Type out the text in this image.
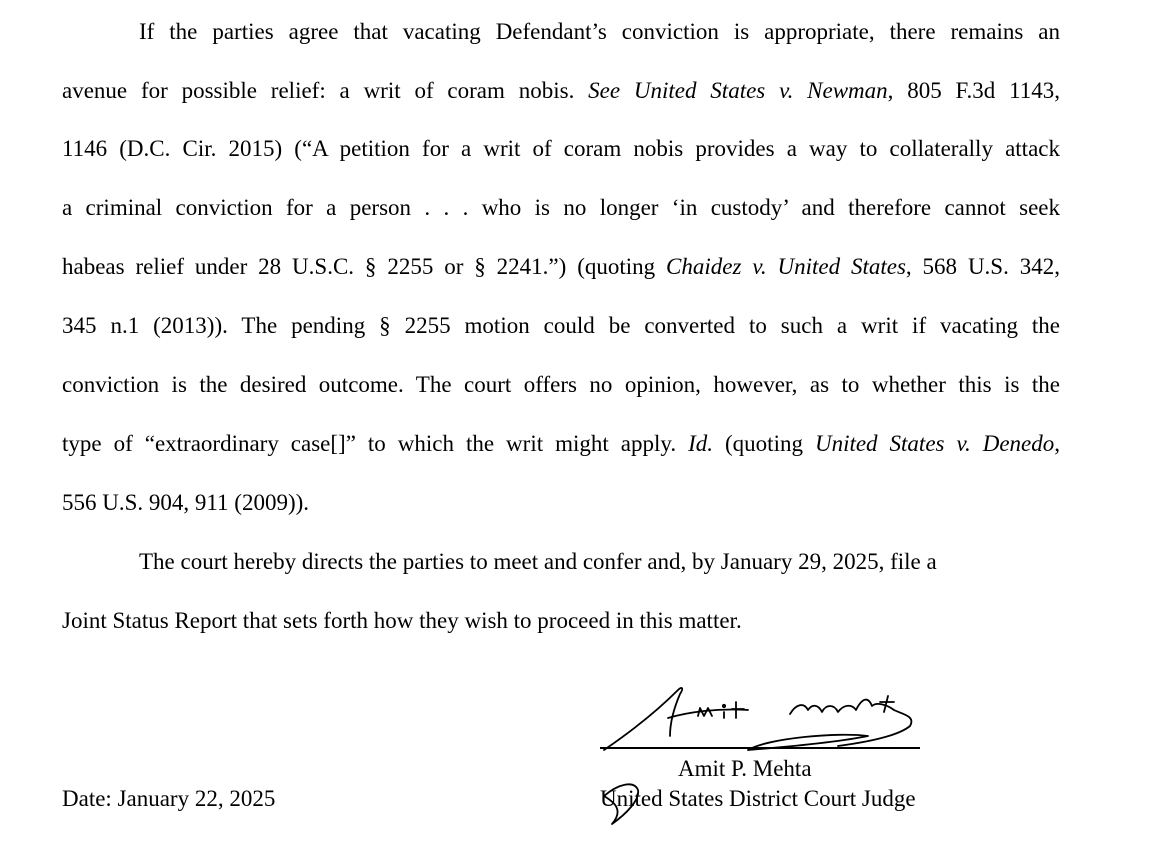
If the parties agree that vacating Defendant’s conviction is appropriate, there remains an
avenue for possible relief: a writ of coram nobis. See United States v. Newman, 805 F.3d 1143,
1146 (D.C. Cir. 2015) (“A petition for a writ of coram nobis provides a way to collaterally attack
a criminal conviction for a person . . . who is no longer ‘in custody’ and therefore cannot seek
habeas relief under 28 U.S.C. § 2255 or § 2241.”) (quoting Chaidez v. United States, 568 U.S. 342,
345 n.1 (2013)). The pending § 2255 motion could be converted to such a writ if vacating the
conviction is the desired outcome. The court offers no opinion, however, as to whether this is the
type of “extraordinary case[]” to which the writ might apply. Id. (quoting United States v. Denedo,
556 U.S. 904, 911 (2009)).
The court hereby directs the parties to meet and confer and, by January 29, 2025, file a
Joint Status Report that sets forth how they wish to proceed in this matter.
Amit P. Mehta
United States District Court Judge
Date: January 22, 2025
